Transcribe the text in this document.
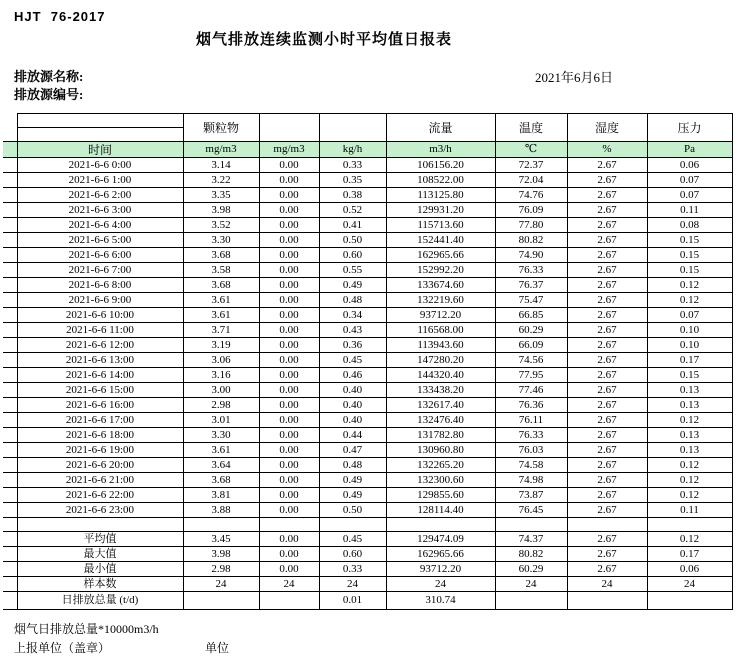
HJT  76-2017
烟气排放连续监测小时平均值日报表
排放源名称:
排放源编号:
2021年6月6日
		颗粒物			流量	温度	湿度	压力

	时间	mg/m3	mg/m3	kg/h	m3/h	℃	%	Pa
	2021-6-6 0:00	3.14	0.00	0.33	106156.20	72.37	2.67	0.06
	2021-6-6 1:00	3.22	0.00	0.35	108522.00	72.04	2.67	0.07
	2021-6-6 2:00	3.35	0.00	0.38	113125.80	74.76	2.67	0.07
	2021-6-6 3:00	3.98	0.00	0.52	129931.20	76.09	2.67	0.11
	2021-6-6 4:00	3.52	0.00	0.41	115713.60	77.80	2.67	0.08
	2021-6-6 5:00	3.30	0.00	0.50	152441.40	80.82	2.67	0.15
	2021-6-6 6:00	3.68	0.00	0.60	162965.66	74.90	2.67	0.15
	2021-6-6 7:00	3.58	0.00	0.55	152992.20	76.33	2.67	0.15
	2021-6-6 8:00	3.68	0.00	0.49	133674.60	76.37	2.67	0.12
	2021-6-6 9:00	3.61	0.00	0.48	132219.60	75.47	2.67	0.12
	2021-6-6 10:00	3.61	0.00	0.34	93712.20	66.85	2.67	0.07
	2021-6-6 11:00	3.71	0.00	0.43	116568.00	60.29	2.67	0.10
	2021-6-6 12:00	3.19	0.00	0.36	113943.60	66.09	2.67	0.10
	2021-6-6 13:00	3.06	0.00	0.45	147280.20	74.56	2.67	0.17
	2021-6-6 14:00	3.16	0.00	0.46	144320.40	77.95	2.67	0.15
	2021-6-6 15:00	3.00	0.00	0.40	133438.20	77.46	2.67	0.13
	2021-6-6 16:00	2.98	0.00	0.40	132617.40	76.36	2.67	0.13
	2021-6-6 17:00	3.01	0.00	0.40	132476.40	76.11	2.67	0.12
	2021-6-6 18:00	3.30	0.00	0.44	131782.80	76.33	2.67	0.13
	2021-6-6 19:00	3.61	0.00	0.47	130960.80	76.03	2.67	0.13
	2021-6-6 20:00	3.64	0.00	0.48	132265.20	74.58	2.67	0.12
	2021-6-6 21:00	3.68	0.00	0.49	132300.60	74.98	2.67	0.12
	2021-6-6 22:00	3.81	0.00	0.49	129855.60	73.87	2.67	0.12
	2021-6-6 23:00	3.88	0.00	0.50	128114.40	76.45	2.67	0.11

	平均值	3.45	0.00	0.45	129474.09	74.37	2.67	0.12
	最大值	3.98	0.00	0.60	162965.66	80.82	2.67	0.17
	最小值	2.98	0.00	0.33	93712.20	60.29	2.67	0.06
	样本数	24	24	24	24	24	24	24
	日排放总量 (t/d)			0.01	310.74			
烟气日排放总量*10000m3/h
上报单位（盖章）	单位
